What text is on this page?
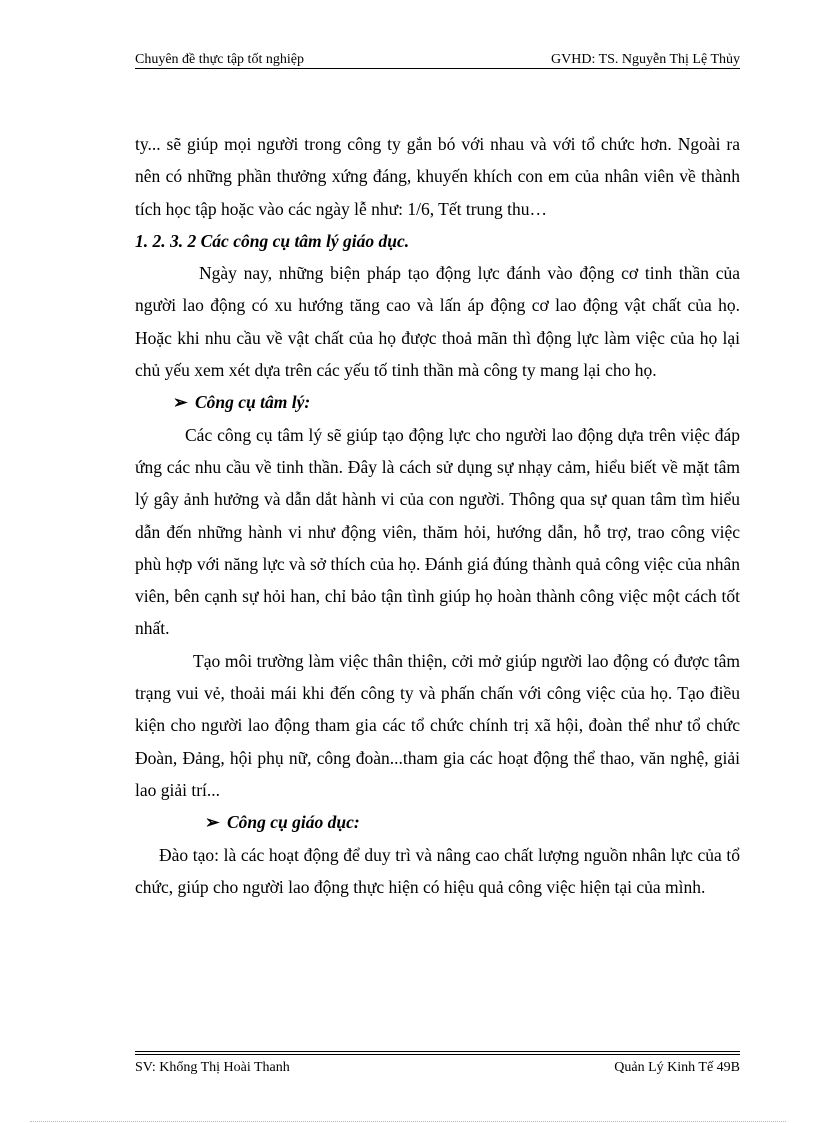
Chuyên đề thực tập tốt nghiệp	GVHD: TS. Nguyễn Thị Lệ Thủy

ty... sẽ giúp mọi người trong công ty gắn bó với nhau và với tổ chức hơn. Ngoài ra nên có những phần thưởng xứng đáng, khuyến khích con em của nhân viên về thành tích học tập hoặc vào các ngày lễ như: 1/6, Tết trung thu…

1. 2. 3. 2 Các công cụ tâm lý giáo dục.

Ngày nay, những biện pháp tạo động lực đánh vào động cơ tinh thần của người lao động có xu hướng tăng cao và lấn áp động cơ lao động vật chất của họ. Hoặc khi nhu cầu về vật chất của họ được thoả mãn thì động lực làm việc của họ lại chủ yếu xem xét dựa trên các yếu tố tinh thần mà công ty mang lại cho họ.

➢ Công cụ tâm lý:

Các công cụ tâm lý sẽ giúp tạo động lực cho người lao động dựa trên việc đáp ứng các nhu cầu về tinh thần. Đây là cách sử dụng sự nhạy cảm, hiểu biết về mặt tâm lý gây ảnh hưởng và dẫn dắt hành vi của con người. Thông qua sự quan tâm tìm hiểu dẫn đến những hành vi như động viên, thăm hỏi, hướng dẫn, hỗ trợ, trao công việc phù hợp với năng lực và sở thích của họ. Đánh giá đúng thành quả công việc của nhân viên, bên cạnh sự hỏi han, chỉ bảo tận tình giúp họ hoàn thành công việc một cách tốt nhất.

Tạo môi trường làm việc thân thiện, cởi mở giúp người lao động có được tâm trạng vui vẻ, thoải mái khi đến công ty và phấn chấn với công việc của họ. Tạo điều kiện cho người lao động tham gia các tổ chức chính trị xã hội, đoàn thể như tổ chức Đoàn, Đảng, hội phụ nữ, công đoàn...tham gia các hoạt động thể thao, văn nghệ, giải lao giải trí...

➢ Công cụ giáo dục:

Đào tạo: là các hoạt động để duy trì và nâng cao chất lượng nguồn nhân lực của tổ chức, giúp cho người lao động thực hiện có hiệu quả công việc hiện tại của mình.

SV: Khổng Thị Hoài Thanh	Quản Lý Kinh Tế 49B
